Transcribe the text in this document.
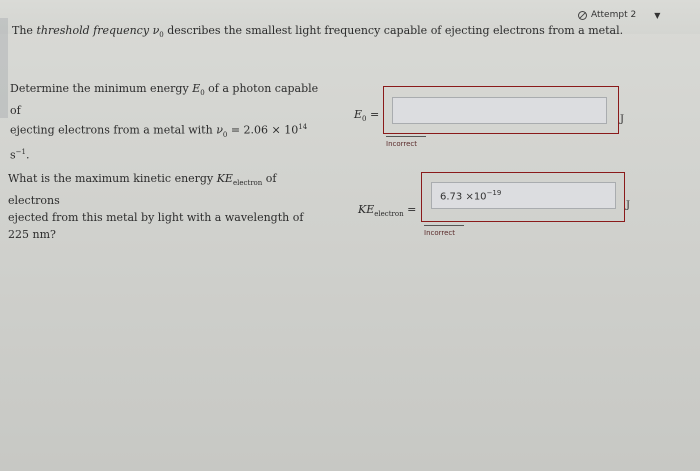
Attempt 2 ▼
The threshold frequency $\nu_0$ describes the smallest light frequency capable of ejecting electrons from a metal.
Determine the minimum energy $E_0$ of a photon capable of
ejecting electrons from a metal with $\nu_0 = 2.06 \times 10^{14}$ $s^{-1}$.
$E_0$ =	J
Incorrect
What is the maximum kinetic energy $KE_{electron}$ of electrons
ejected from this metal by light with a wavelength of
225 nm?
$KE_{electron}$ =
$6.73 \times 10^{-19}$
J
Incorrect
